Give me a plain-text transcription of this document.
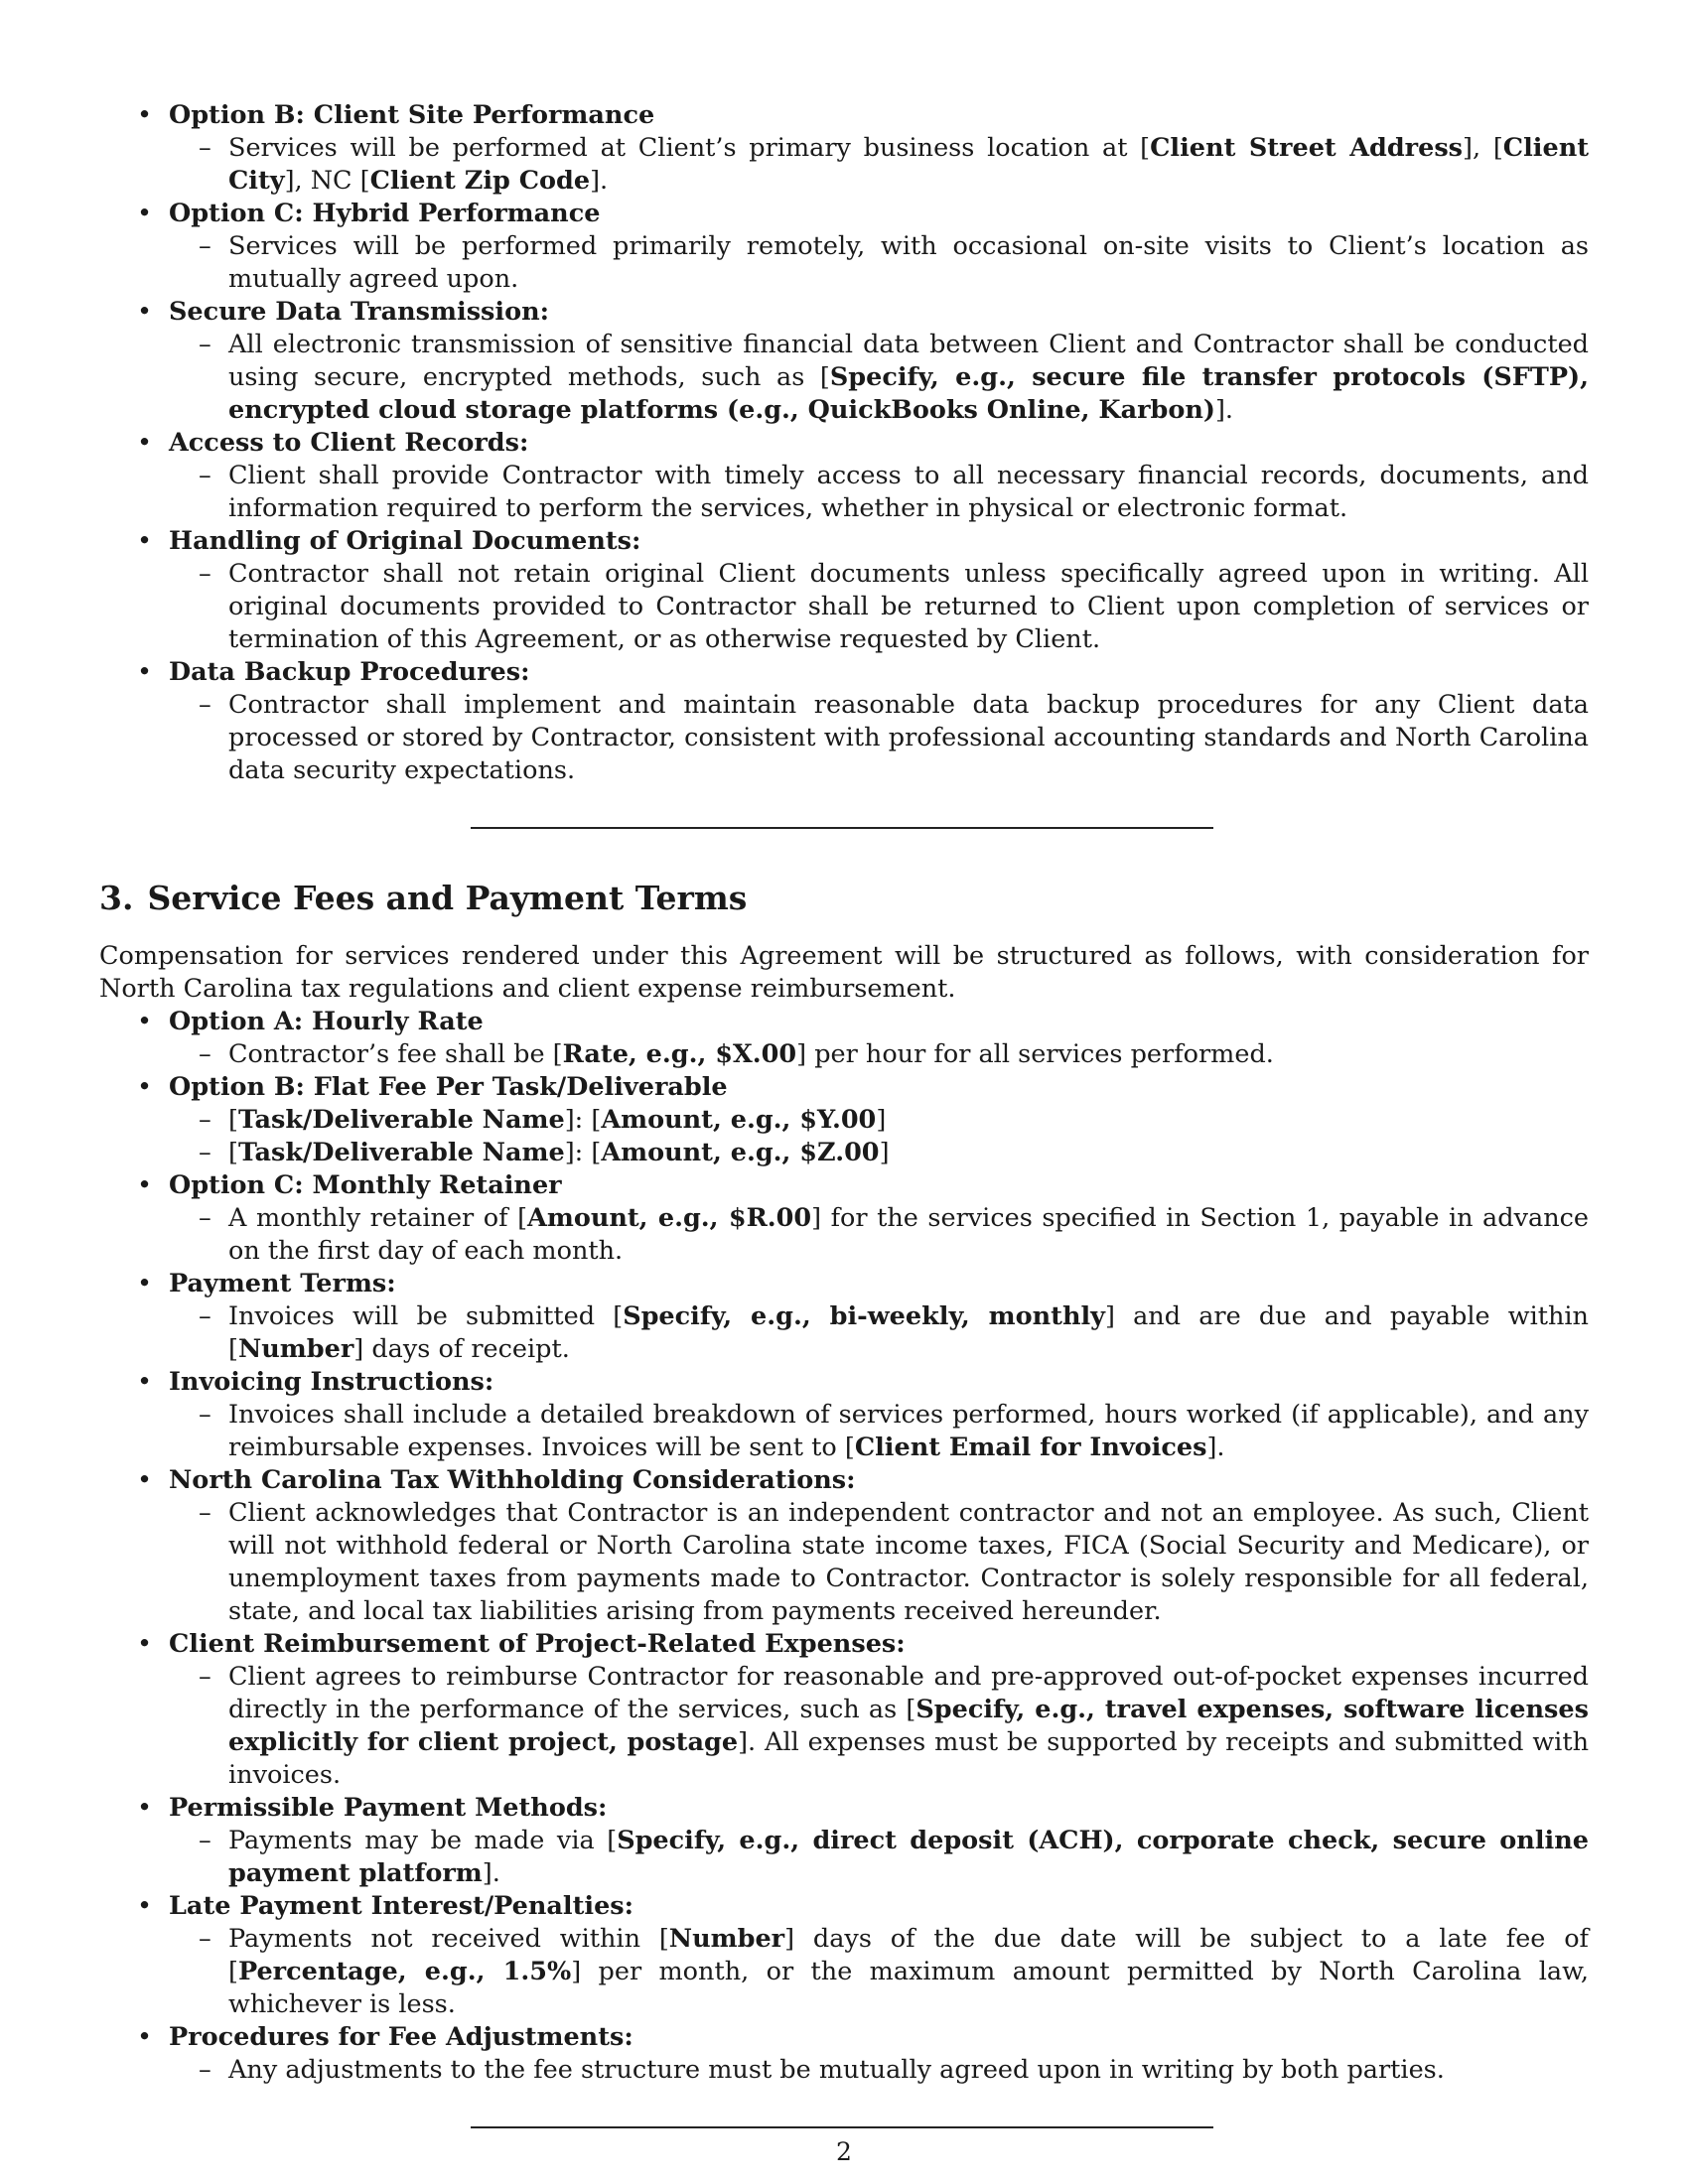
• Option B: Client Site Performance
– Services will be performed at Client’s primary business location at [Client Street Address], [Client City], NC [Client Zip Code].
• Option C: Hybrid Performance
– Services will be performed primarily remotely, with occasional on-site visits to Client’s location as mutually agreed upon.
• Secure Data Transmission:
– All electronic transmission of sensitive financial data between Client and Contractor shall be conducted using secure, encrypted methods, such as [Specify, e.g., secure file transfer protocols (SFTP), encrypted cloud storage platforms (e.g., QuickBooks Online, Karbon)].
• Access to Client Records:
– Client shall provide Contractor with timely access to all necessary financial records, documents, and information required to perform the services, whether in physical or electronic format.
• Handling of Original Documents:
– Contractor shall not retain original Client documents unless specifically agreed upon in writing. All original documents provided to Contractor shall be returned to Client upon completion of services or termination of this Agreement, or as otherwise requested by Client.
• Data Backup Procedures:
– Contractor shall implement and maintain reasonable data backup procedures for any Client data processed or stored by Contractor, consistent with professional accounting standards and North Carolina data security expectations.
3. Service Fees and Payment Terms

Compensation for services rendered under this Agreement will be structured as follows, with consideration for North Carolina tax regulations and client expense reimbursement.

• Option A: Hourly Rate
– Contractor’s fee shall be [Rate, e.g., $X.00] per hour for all services performed.
• Option B: Flat Fee Per Task/Deliverable
– [Task/Deliverable Name]: [Amount, e.g., $Y.00]
– [Task/Deliverable Name]: [Amount, e.g., $Z.00]
• Option C: Monthly Retainer
– A monthly retainer of [Amount, e.g., $R.00] for the services specified in Section 1, payable in advance on the first day of each month.
• Payment Terms:
– Invoices will be submitted [Specify, e.g., bi-weekly, monthly] and are due and payable within [Number] days of receipt.
• Invoicing Instructions:
– Invoices shall include a detailed breakdown of services performed, hours worked (if applicable), and any reimbursable expenses. Invoices will be sent to [Client Email for Invoices].
• North Carolina Tax Withholding Considerations:
– Client acknowledges that Contractor is an independent contractor and not an employee. As such, Client will not withhold federal or North Carolina state income taxes, FICA (Social Security and Medicare), or unemployment taxes from payments made to Contractor. Contractor is solely responsible for all federal, state, and local tax liabilities arising from payments received hereunder.
• Client Reimbursement of Project-Related Expenses:
– Client agrees to reimburse Contractor for reasonable and pre-approved out-of-pocket expenses incurred directly in the performance of the services, such as [Specify, e.g., travel expenses, software licenses explicitly for client project, postage]. All expenses must be supported by receipts and submitted with invoices.
• Permissible Payment Methods:
– Payments may be made via [Specify, e.g., direct deposit (ACH), corporate check, secure online payment platform].
• Late Payment Interest/Penalties:
– Payments not received within [Number] days of the due date will be subject to a late fee of [Percentage, e.g., 1.5%] per month, or the maximum amount permitted by North Carolina law, whichever is less.
• Procedures for Fee Adjustments:
– Any adjustments to the fee structure must be mutually agreed upon in writing by both parties.
2
